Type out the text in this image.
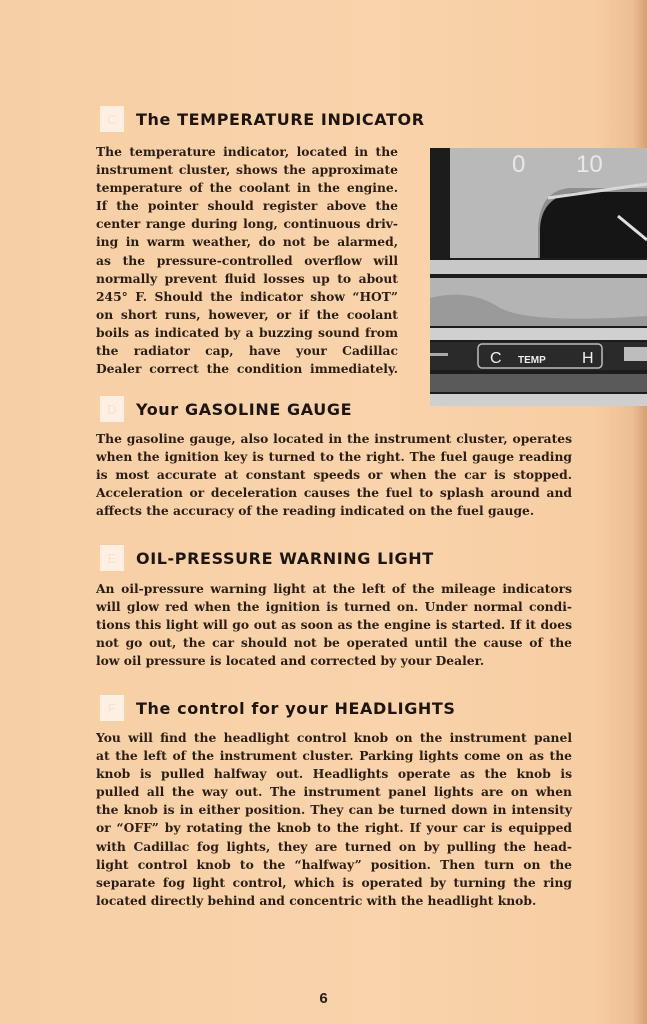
C	The TEMPERATURE INDICATOR
The temperature indicator, located in the
instrument cluster, shows the approximate
temperature of the coolant in the engine.
If the pointer should register above the
center range during long, continuous driv-
ing in warm weather, do not be alarmed,
as the pressure-controlled overflow will
normally prevent fluid losses up to about
245° F. Should the indicator show “HOT”
on short runs, however, or if the coolant
boils as indicated by a buzzing sound from
the radiator cap, have your Cadillac
Dealer correct the condition immediately.
0 10
C TEMP H
D	Your GASOLINE GAUGE
The gasoline gauge, also located in the instrument cluster, operates
when the ignition key is turned to the right. The fuel gauge reading
is most accurate at constant speeds or when the car is stopped.
Acceleration or deceleration causes the fuel to splash around and
affects the accuracy of the reading indicated on the fuel gauge.
E	OIL-PRESSURE WARNING LIGHT
An oil-pressure warning light at the left of the mileage indicators
will glow red when the ignition is turned on. Under normal condi-
tions this light will go out as soon as the engine is started. If it does
not go out, the car should not be operated until the cause of the
low oil pressure is located and corrected by your Dealer.
F	The control for your HEADLIGHTS
You will find the headlight control knob on the instrument panel
at the left of the instrument cluster. Parking lights come on as the
knob is pulled halfway out. Headlights operate as the knob is
pulled all the way out. The instrument panel lights are on when
the knob is in either position. They can be turned down in intensity
or “OFF” by rotating the knob to the right. If your car is equipped
with Cadillac fog lights, they are turned on by pulling the head-
light control knob to the “halfway” position. Then turn on the
separate fog light control, which is operated by turning the ring
located directly behind and concentric with the headlight knob.
6
